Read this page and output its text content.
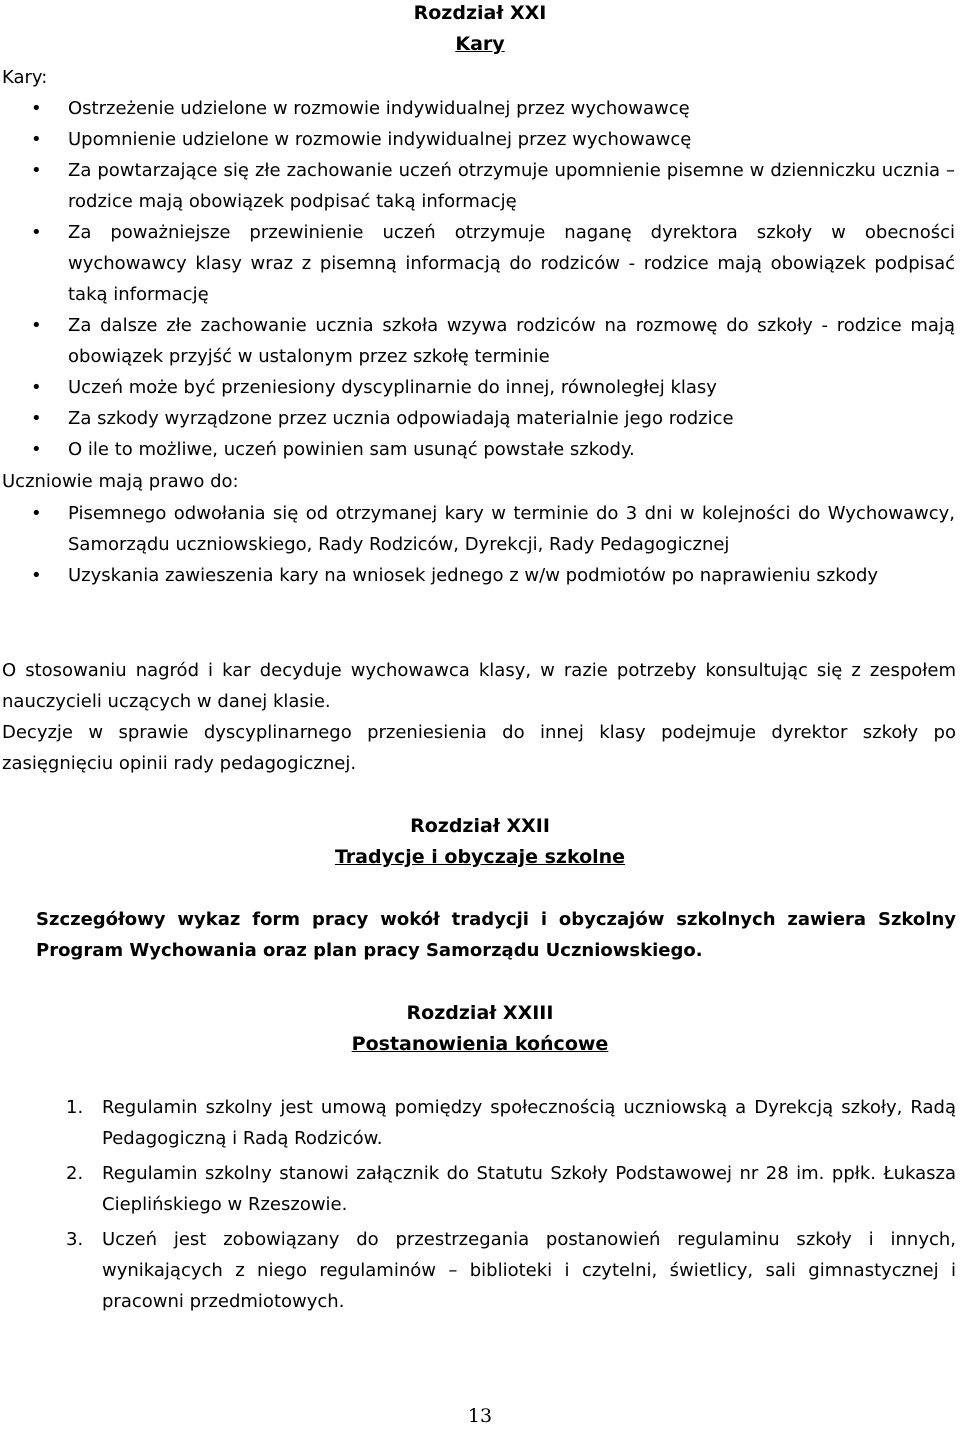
Rozdział XXI
Kary
Kary:
• Ostrzeżenie udzielone w rozmowie indywidualnej przez wychowawcę
• Upomnienie udzielone w rozmowie indywidualnej przez wychowawcę
• Za powtarzające się złe zachowanie uczeń otrzymuje upomnienie pisemne w dzienniczku ucznia – rodzice mają obowiązek podpisać taką informację
• Za poważniejsze przewinienie uczeń otrzymuje naganę dyrektora szkoły w obecności wychowawcy klasy wraz z pisemną informacją do rodziców - rodzice mają obowiązek podpisać taką informację
• Za dalsze złe zachowanie ucznia szkoła wzywa rodziców na rozmowę do szkoły - rodzice mają obowiązek przyjść w ustalonym przez szkołę terminie
• Uczeń może być przeniesiony dyscyplinarnie do innej, równoległej klasy
• Za szkody wyrządzone przez ucznia odpowiadają materialnie jego rodzice
• O ile to możliwe, uczeń powinien sam usunąć powstałe szkody.
Uczniowie mają prawo do:
• Pisemnego odwołania się od otrzymanej kary w terminie do 3 dni w kolejności do Wychowawcy, Samorządu uczniowskiego, Rady Rodziców, Dyrekcji, Rady Pedagogicznej
• Uzyskania zawieszenia kary na wniosek jednego z w/w podmiotów po naprawieniu szkody
O stosowaniu nagród i kar decyduje wychowawca klasy, w razie potrzeby konsultując się z zespołem nauczycieli uczących w danej klasie.
Decyzje w sprawie dyscyplinarnego przeniesienia do innej klasy podejmuje dyrektor szkoły po zasięgnięciu opinii rady pedagogicznej.
Rozdział XXII
Tradycje i obyczaje szkolne
Szczegółowy wykaz form pracy wokół tradycji i obyczajów szkolnych zawiera Szkolny Program Wychowania oraz plan pracy Samorządu Uczniowskiego.
Rozdział XXIII
Postanowienia końcowe
1. Regulamin szkolny jest umową pomiędzy społecznością uczniowską a Dyrekcją szkoły, Radą Pedagogiczną i Radą Rodziców.
2. Regulamin szkolny stanowi załącznik do Statutu Szkoły Podstawowej nr 28 im. ppłk. Łukasza Cieplińskiego w Rzeszowie.
3. Uczeń jest zobowiązany do przestrzegania postanowień regulaminu szkoły i innych, wynikających z niego regulaminów – biblioteki i czytelni, świetlicy, sali gimnastycznej i pracowni przedmiotowych.
13
